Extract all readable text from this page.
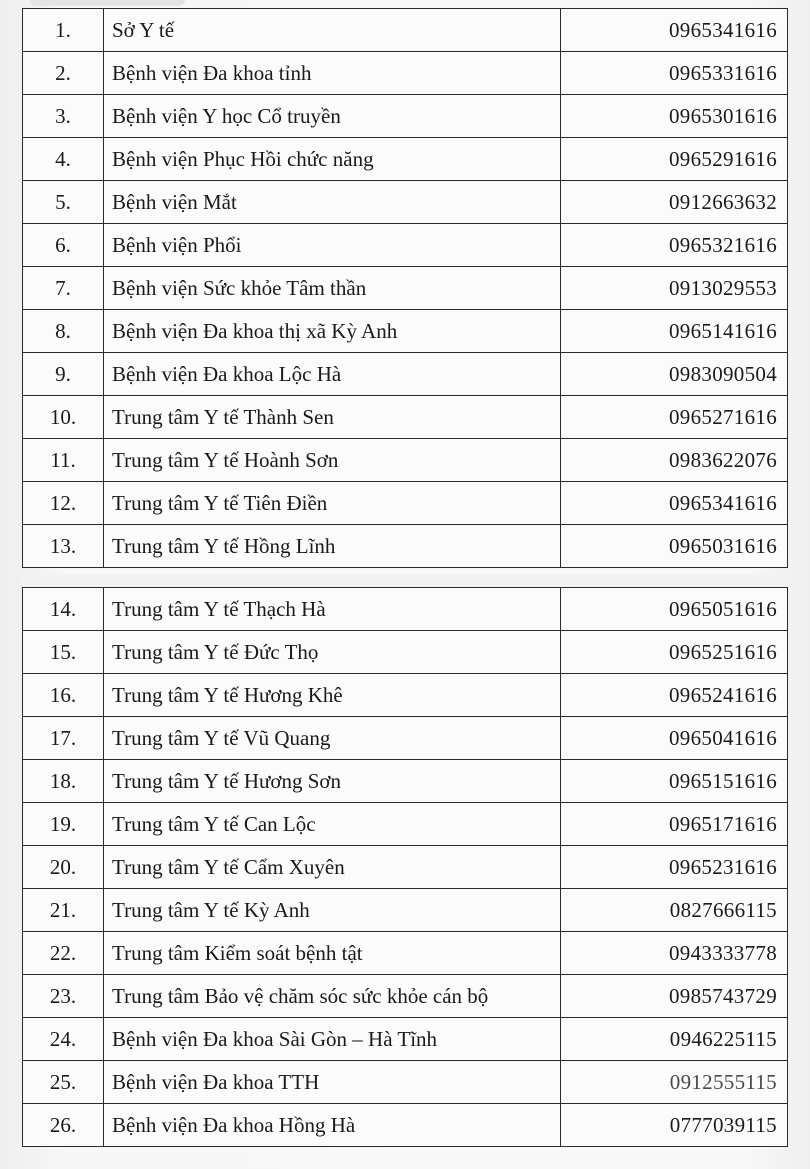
1.	Sở Y tế	0965341616
2.	Bệnh viện Đa khoa tỉnh	0965331616
3.	Bệnh viện Y học Cổ truyền	0965301616
4.	Bệnh viện Phục Hồi chức năng	0965291616
5.	Bệnh viện Mắt	0912663632
6.	Bệnh viện Phổi	0965321616
7.	Bệnh viện Sức khỏe Tâm thần	0913029553
8.	Bệnh viện Đa khoa thị xã Kỳ Anh	0965141616
9.	Bệnh viện Đa khoa Lộc Hà	0983090504
10.	Trung tâm Y tế Thành Sen	0965271616
11.	Trung tâm Y tế Hoành Sơn	0983622076
12.	Trung tâm Y tế Tiên Điền	0965341616
13.	Trung tâm Y tế Hồng Lĩnh	0965031616
14.	Trung tâm Y tế Thạch Hà	0965051616
15.	Trung tâm Y tế Đức Thọ	0965251616
16.	Trung tâm Y tế Hương Khê	0965241616
17.	Trung tâm Y tế Vũ Quang	0965041616
18.	Trung tâm Y tế Hương Sơn	0965151616
19.	Trung tâm Y tế Can Lộc	0965171616
20.	Trung tâm Y tế Cẩm Xuyên	0965231616
21.	Trung tâm Y tế Kỳ Anh	0827666115
22.	Trung tâm Kiểm soát bệnh tật	0943333778
23.	Trung tâm Bảo vệ chăm sóc sức khỏe cán bộ	0985743729
24.	Bệnh viện Đa khoa Sài Gòn – Hà Tĩnh	0946225115
25.	Bệnh viện Đa khoa TTH	0912555115
26.	Bệnh viện Đa khoa Hồng Hà	0777039115
